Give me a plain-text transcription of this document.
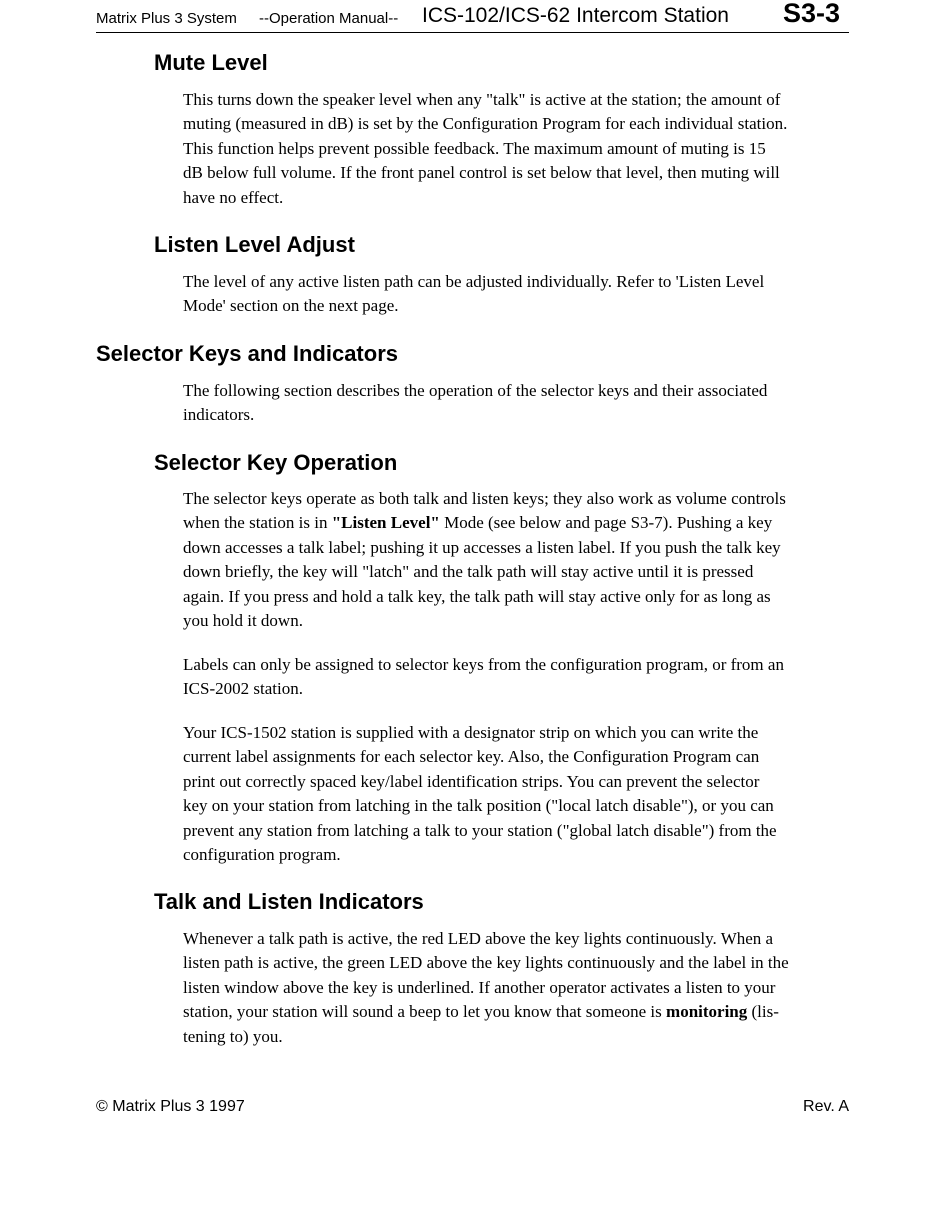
Matrix Plus 3 System --Operation Manual-- ICS-102/ICS-62 Intercom Station S3-3
Mute Level

This turns down the speaker level when any "talk" is active at the station; the amount of
muting (measured in dB) is set by the Configuration Program for each individual station.
This function helps prevent possible feedback. The maximum amount of muting is 15
dB below full volume. If the front panel control is set below that level, then muting will
have no effect.

Listen Level Adjust

The level of any active listen path can be adjusted individually. Refer to 'Listen Level
Mode' section on the next page.

Selector Keys and Indicators

The following section describes the operation of the selector keys and their associated
indicators.

Selector Key Operation

The selector keys operate as both talk and listen keys; they also work as volume controls
when the station is in "Listen Level" Mode (see below and page S3-7). Pushing a key
down accesses a talk label; pushing it up accesses a listen label. If you push the talk key
down briefly, the key will "latch" and the talk path will stay active until it is pressed
again. If you press and hold a talk key, the talk path will stay active only for as long as
you hold it down.

Labels can only be assigned to selector keys from the configuration program, or from an
ICS-2002 station.

Your ICS-1502 station is supplied with a designator strip on which you can write the
current label assignments for each selector key. Also, the Configuration Program can
print out correctly spaced key/label identification strips. You can prevent the selector
key on your station from latching in the talk position ("local latch disable"), or you can
prevent any station from latching a talk to your station ("global latch disable") from the
configuration program.

Talk and Listen Indicators

Whenever a talk path is active, the red LED above the key lights continuously. When a
listen path is active, the green LED above the key lights continuously and the label in the
listen window above the key is underlined. If another operator activates a listen to your
station, your station will sound a beep to let you know that someone is monitoring (lis-
tening to) you.

© Matrix Plus 3 1997	Rev. A
